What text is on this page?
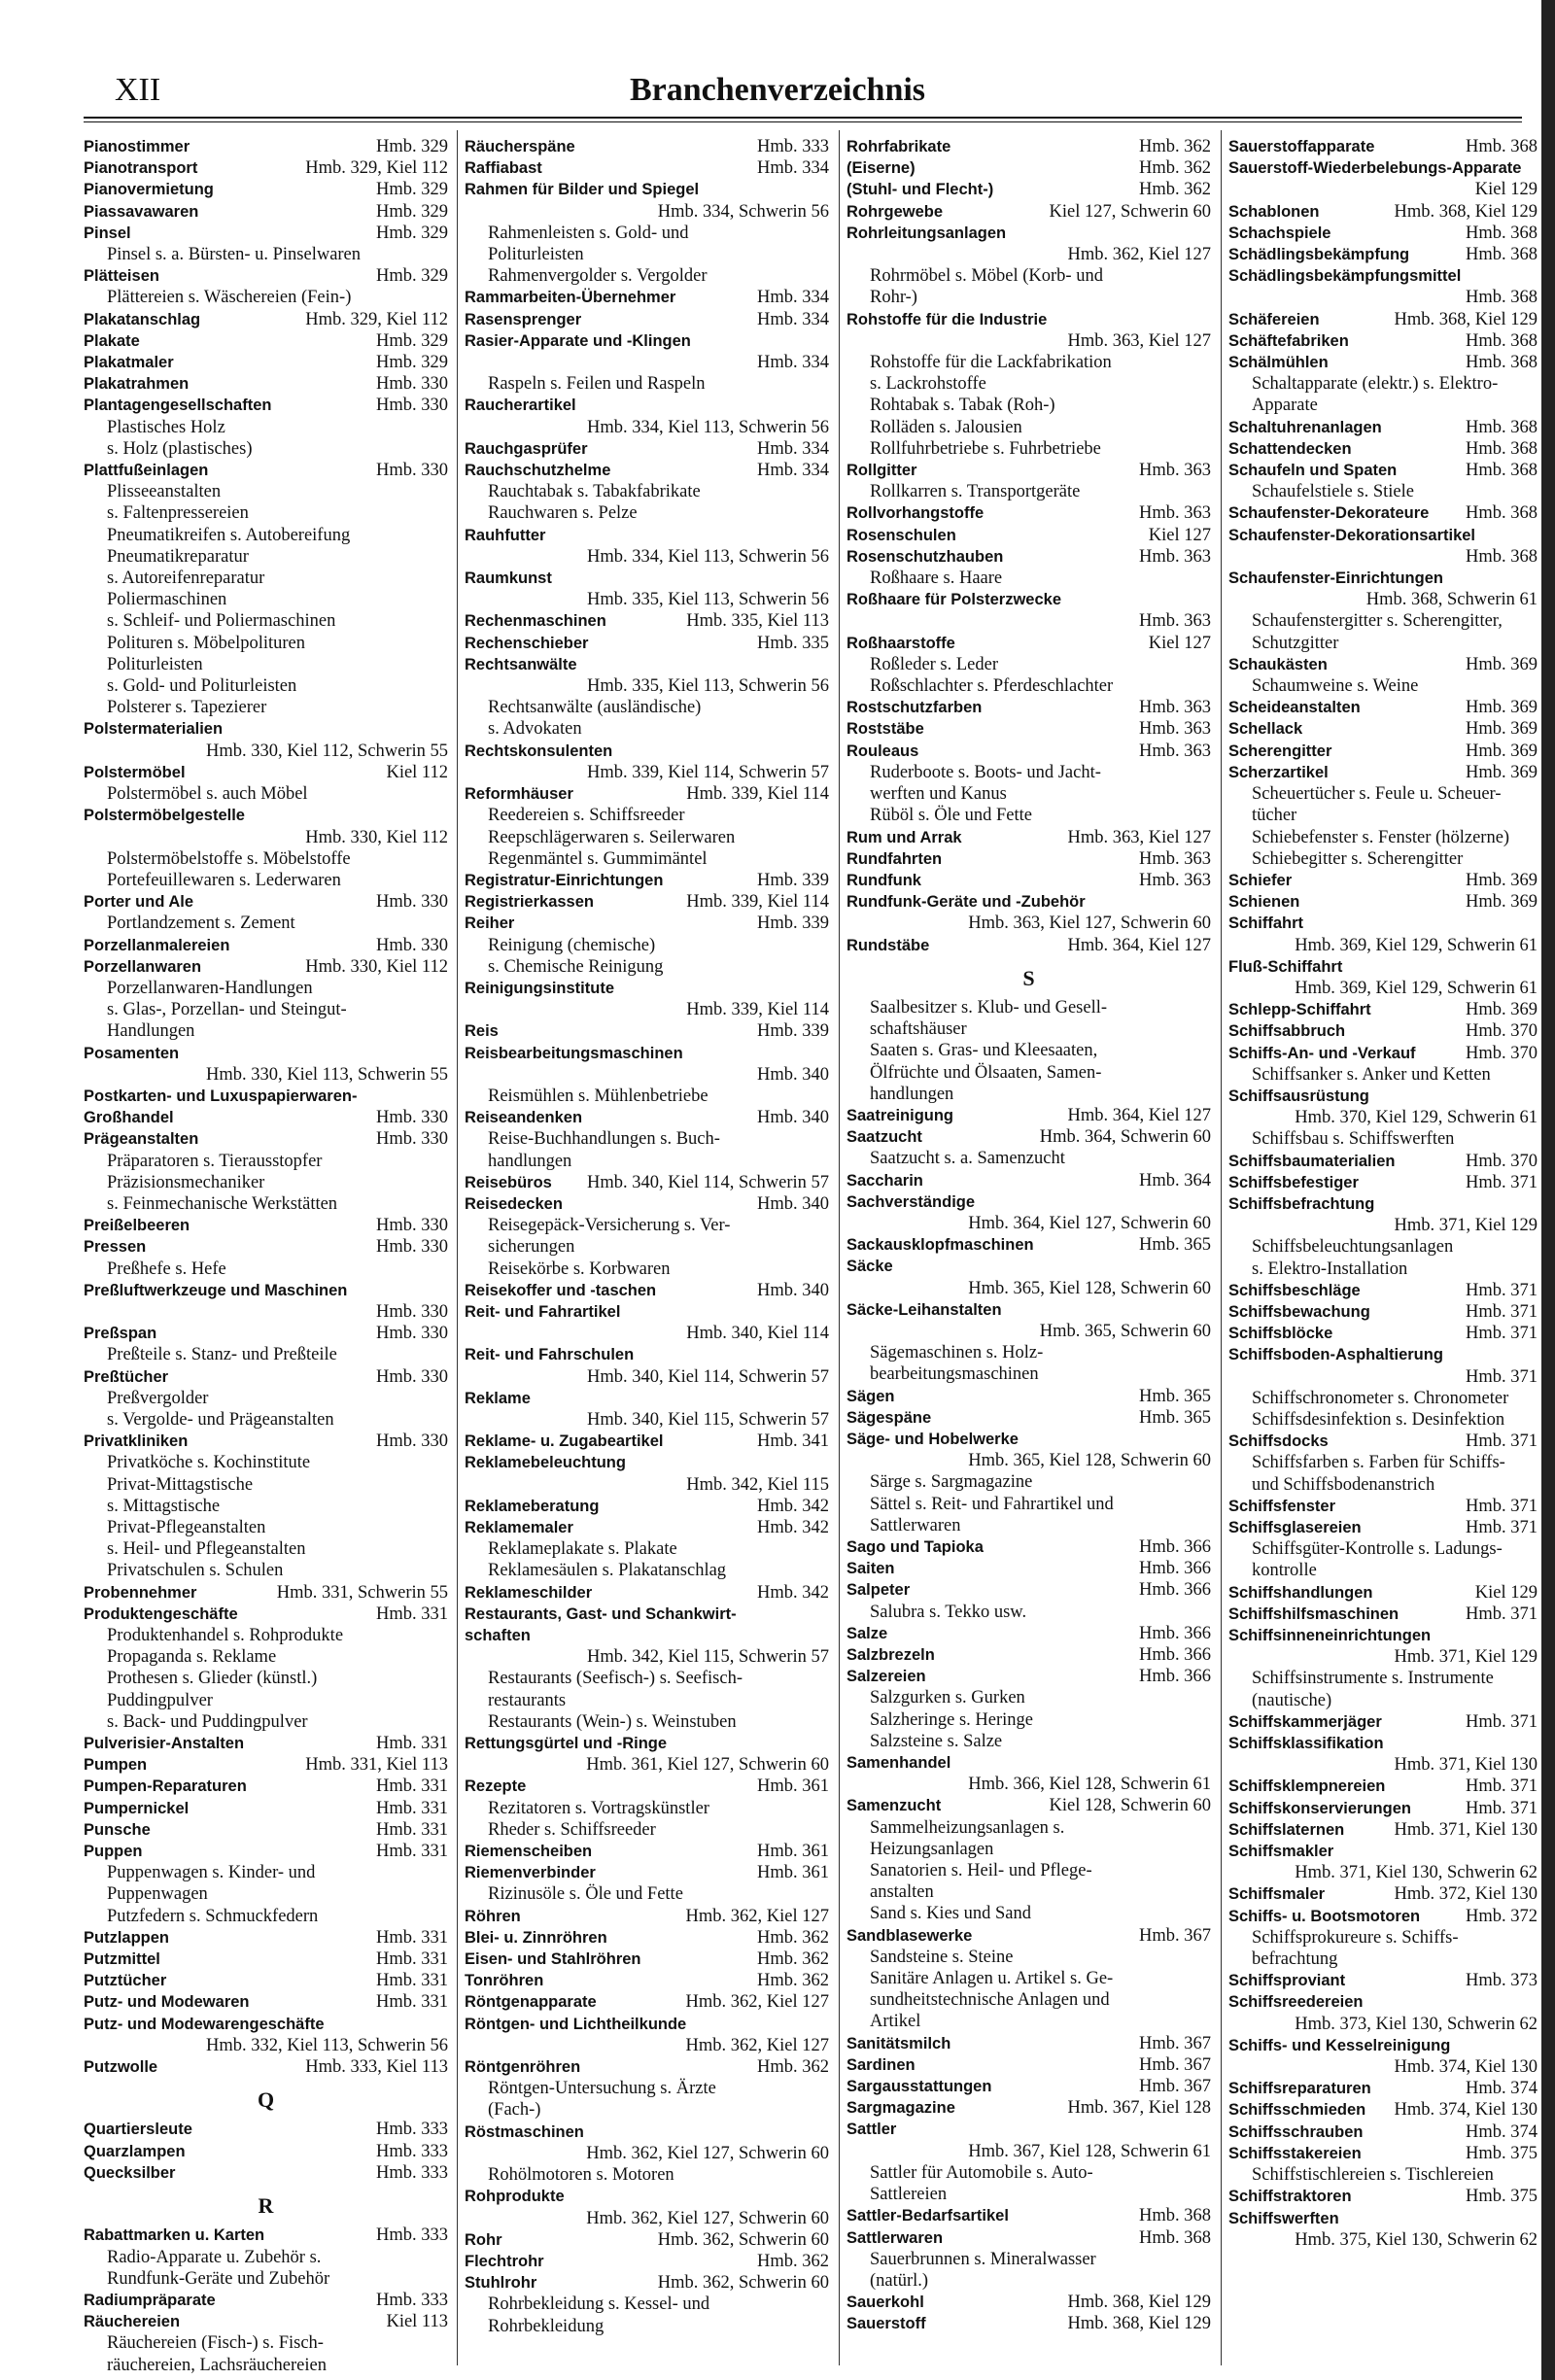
XII	Branchenverzeichnis
Pianostimmer	Hmb. 329
Pianotransport	Hmb. 329, Kiel 112
Pianovermietung	Hmb. 329
Piassavawaren	Hmb. 329
Pinsel	Hmb. 329
Pinsel s. a. Bürsten- u. Pinselwaren
Plätteisen	Hmb. 329
Plättereien s. Wäschereien (Fein-)
Plakatanschlag	Hmb. 329, Kiel 112
Plakate	Hmb. 329
Plakatmaler	Hmb. 329
Plakatrahmen	Hmb. 330
Plantagengesellschaften	Hmb. 330
Plastisches Holz
s. Holz (plastisches)
Plattfußeinlagen	Hmb. 330
Plisseeanstalten
s. Faltenpressereien
Pneumatikreifen s. Autobereifung
Pneumatikreparatur
s. Autoreifenreparatur
Poliermaschinen
s. Schleif- und Poliermaschinen
Polituren s. Möbelpolituren
Politurleisten
s. Gold- und Politurleisten
Polsterer s. Tapezierer
Polstermaterialien
Hmb. 330, Kiel 112, Schwerin 55
Polstermöbel	Kiel 112
Polstermöbel s. auch Möbel
Polstermöbelgestelle
Hmb. 330, Kiel 112
Polstermöbelstoffe s. Möbelstoffe
Portefeuillewaren s. Lederwaren
Porter und Ale	Hmb. 330
Portlandzement s. Zement
Porzellanmalereien	Hmb. 330
Porzellanwaren	Hmb. 330, Kiel 112
Porzellanwaren-Handlungen
s. Glas-, Porzellan- und Steingut-
Handlungen
Posamenten
Hmb. 330, Kiel 113, Schwerin 55
Postkarten- und Luxuspapierwaren-
Großhandel	Hmb. 330
Prägeanstalten	Hmb. 330
Präparatoren s. Tierausstopfer
Präzisionsmechaniker
s. Feinmechanische Werkstätten
Preißelbeeren	Hmb. 330
Pressen	Hmb. 330
Preßhefe s. Hefe
Preßluftwerkzeuge und Maschinen
Hmb. 330
Preßspan	Hmb. 330
Preßteile s. Stanz- und Preßteile
Preßtücher	Hmb. 330
Preßvergolder
s. Vergolde- und Prägeanstalten
Privatkliniken	Hmb. 330
Privatköche s. Kochinstitute
Privat-Mittagstische
s. Mittagstische
Privat-Pflegeanstalten
s. Heil- und Pflegeanstalten
Privatschulen s. Schulen
Probennehmer	Hmb. 331, Schwerin 55
Produktengeschäfte	Hmb. 331
Produktenhandel s. Rohprodukte
Propaganda s. Reklame
Prothesen s. Glieder (künstl.)
Puddingpulver
s. Back- und Puddingpulver
Pulverisier-Anstalten	Hmb. 331
Pumpen	Hmb. 331, Kiel 113
Pumpen-Reparaturen	Hmb. 331
Pumpernickel	Hmb. 331
Punsche	Hmb. 331
Puppen	Hmb. 331
Puppenwagen s. Kinder- und
Puppenwagen
Putzfedern s. Schmuckfedern
Putzlappen	Hmb. 331
Putzmittel	Hmb. 331
Putztücher	Hmb. 331
Putz- und Modewaren	Hmb. 331
Putz- und Modewarengeschäfte
Hmb. 332, Kiel 113, Schwerin 56
Putzwolle	Hmb. 333, Kiel 113
Q
Quartiersleute	Hmb. 333
Quarzlampen	Hmb. 333
Quecksilber	Hmb. 333
R
Rabattmarken u. Karten	Hmb. 333
Radio-Apparate u. Zubehör s.
Rundfunk-Geräte und Zubehör
Radiumpräparate	Hmb. 333
Räuchereien	Kiel 113
Räuchereien (Fisch-) s. Fisch-
räuchereien, Lachsräuchereien
Räucherspäne	Hmb. 333
Raffiabast	Hmb. 334
Rahmen für Bilder und Spiegel
Hmb. 334, Schwerin 56
Rahmenleisten s. Gold- und
Politurleisten
Rahmenvergolder s. Vergolder
Rammarbeiten-Übernehmer	Hmb. 334
Rasensprenger	Hmb. 334
Rasier-Apparate und -Klingen
Hmb. 334
Raspeln s. Feilen und Raspeln
Raucherartikel
Hmb. 334, Kiel 113, Schwerin 56
Rauchgasprüfer	Hmb. 334
Rauchschutzhelme	Hmb. 334
Rauchtabak s. Tabakfabrikate
Rauchwaren s. Pelze
Rauhfutter
Hmb. 334, Kiel 113, Schwerin 56
Raumkunst
Hmb. 335, Kiel 113, Schwerin 56
Rechenmaschinen	Hmb. 335, Kiel 113
Rechenschieber	Hmb. 335
Rechtsanwälte
Hmb. 335, Kiel 113, Schwerin 56
Rechtsanwälte (ausländische)
s. Advokaten
Rechtskonsulenten
Hmb. 339, Kiel 114, Schwerin 57
Reformhäuser	Hmb. 339, Kiel 114
Reedereien s. Schiffsreeder
Reepschlägerwaren s. Seilerwaren
Regenmäntel s. Gummimäntel
Registratur-Einrichtungen	Hmb. 339
Registrierkassen	Hmb. 339, Kiel 114
Reiher	Hmb. 339
Reinigung (chemische)
s. Chemische Reinigung
Reinigungsinstitute
Hmb. 339, Kiel 114
Reis	Hmb. 339
Reisbearbeitungsmaschinen
Hmb. 340
Reismühlen s. Mühlenbetriebe
Reiseandenken	Hmb. 340
Reise-Buchhandlungen s. Buch-
handlungen
Reisebüros Hmb. 340, Kiel 114, Schwerin 57
Reisedecken	Hmb. 340
Reisegepäck-Versicherung s. Ver-
sicherungen
Reisekörbe s. Korbwaren
Reisekoffer und -taschen	Hmb. 340
Reit- und Fahrartikel
Hmb. 340, Kiel 114
Reit- und Fahrschulen
Hmb. 340, Kiel 114, Schwerin 57
Reklame
Hmb. 340, Kiel 115, Schwerin 57
Reklame- u. Zugabeartikel	Hmb. 341
Reklamebeleuchtung
Hmb. 342, Kiel 115
Reklameberatung	Hmb. 342
Reklamemaler	Hmb. 342
Reklameplakate s. Plakate
Reklamesäulen s. Plakatanschlag
Reklameschilder	Hmb. 342
Restaurants, Gast- und Schankwirt-
schaften
Hmb. 342, Kiel 115, Schwerin 57
Restaurants (Seefisch-) s. Seefisch-
restaurants
Restaurants (Wein-) s. Weinstuben
Rettungsgürtel und -Ringe
Hmb. 361, Kiel 127, Schwerin 60
Rezepte	Hmb. 361
Rezitatoren s. Vortragskünstler
Rheder s. Schiffsreeder
Riemenscheiben	Hmb. 361
Riemenverbinder	Hmb. 361
Rizinusöle s. Öle und Fette
Röhren	Hmb. 362, Kiel 127
Blei- u. Zinnröhren	Hmb. 362
Eisen- und Stahlröhren	Hmb. 362
Tonröhren	Hmb. 362
Röntgenapparate	Hmb. 362, Kiel 127
Röntgen- und Lichtheilkunde
Hmb. 362, Kiel 127
Röntgenröhren	Hmb. 362
Röntgen-Untersuchung s. Ärzte
(Fach-)
Röstmaschinen
Hmb. 362, Kiel 127, Schwerin 60
Rohölmotoren s. Motoren
Rohprodukte
Hmb. 362, Kiel 127, Schwerin 60
Rohr	Hmb. 362, Schwerin 60
Flechtrohr	Hmb. 362
Stuhlrohr	Hmb. 362, Schwerin 60
Rohrbekleidung s. Kessel- und
Rohrbekleidung
Rohrfabrikate	Hmb. 362
(Eiserne)	Hmb. 362
(Stuhl- und Flecht-)	Hmb. 362
Rohrgewebe	Kiel 127, Schwerin 60
Rohrleitungsanlagen
Hmb. 362, Kiel 127
Rohrmöbel s. Möbel (Korb- und
Rohr-)
Rohstoffe für die Industrie
Hmb. 363, Kiel 127
Rohstoffe für die Lackfabrikation
s. Lackrohstoffe
Rohtabak s. Tabak (Roh-)
Rolläden s. Jalousien
Rollfuhrbetriebe s. Fuhrbetriebe
Rollgitter	Hmb. 363
Rollkarren s. Transportgeräte
Rollvorhangstoffe	Hmb. 363
Rosenschulen	Kiel 127
Rosenschutzhauben	Hmb. 363
Roßhaare s. Haare
Roßhaare für Polsterzwecke
Hmb. 363
Roßhaarstoffe	Kiel 127
Roßleder s. Leder
Roßschlachter s. Pferdeschlachter
Rostschutzfarben	Hmb. 363
Roststäbe	Hmb. 363
Rouleaus	Hmb. 363
Ruderboote s. Boots- und Jacht-
werften und Kanus
Rüböl s. Öle und Fette
Rum und Arrak	Hmb. 363, Kiel 127
Rundfahrten	Hmb. 363
Rundfunk	Hmb. 363
Rundfunk-Geräte und -Zubehör
Hmb. 363, Kiel 127, Schwerin 60
Rundstäbe	Hmb. 364, Kiel 127
S
Saalbesitzer s. Klub- und Gesell-
schaftshäuser
Saaten s. Gras- und Kleesaaten,
Ölfrüchte und Ölsaaten, Samen-
handlungen
Saatreinigung	Hmb. 364, Kiel 127
Saatzucht	Hmb. 364, Schwerin 60
Saatzucht s. a. Samenzucht
Saccharin	Hmb. 364
Sachverständige
Hmb. 364, Kiel 127, Schwerin 60
Sackausklopfmaschinen	Hmb. 365
Säcke
Hmb. 365, Kiel 128, Schwerin 60
Säcke-Leihanstalten
Hmb. 365, Schwerin 60
Sägemaschinen s. Holz-
bearbeitungsmaschinen
Sägen	Hmb. 365
Sägespäne	Hmb. 365
Säge- und Hobelwerke
Hmb. 365, Kiel 128, Schwerin 60
Särge s. Sargmagazine
Sättel s. Reit- und Fahrartikel und
Sattlerwaren
Sago und Tapioka	Hmb. 366
Saiten	Hmb. 366
Salpeter	Hmb. 366
Salubra s. Tekko usw.
Salze	Hmb. 366
Salzbrezeln	Hmb. 366
Salzereien	Hmb. 366
Salzgurken s. Gurken
Salzheringe s. Heringe
Salzsteine s. Salze
Samenhandel
Hmb. 366, Kiel 128, Schwerin 61
Samenzucht	Kiel 128, Schwerin 60
Sammelheizungsanlagen s.
Heizungsanlagen
Sanatorien s. Heil- und Pflege-
anstalten
Sand s. Kies und Sand
Sandblasewerke	Hmb. 367
Sandsteine s. Steine
Sanitäre Anlagen u. Artikel s. Ge-
sundheitstechnische Anlagen und
Artikel
Sanitätsmilch	Hmb. 367
Sardinen	Hmb. 367
Sargausstattungen	Hmb. 367
Sargmagazine	Hmb. 367, Kiel 128
Sattler
Hmb. 367, Kiel 128, Schwerin 61
Sattler für Automobile s. Auto-
Sattlereien
Sattler-Bedarfsartikel	Hmb. 368
Sattlerwaren	Hmb. 368
Sauerbrunnen s. Mineralwasser
(natürl.)
Sauerkohl	Hmb. 368, Kiel 129
Sauerstoff	Hmb. 368, Kiel 129
Sauerstoffapparate	Hmb. 368
Sauerstoff-Wiederbelebungs-Apparate
Kiel 129
Schablonen	Hmb. 368, Kiel 129
Schachspiele	Hmb. 368
Schädlingsbekämpfung	Hmb. 368
Schädlingsbekämpfungsmittel
Hmb. 368
Schäfereien	Hmb. 368, Kiel 129
Schäftefabriken	Hmb. 368
Schälmühlen	Hmb. 368
Schaltapparate (elektr.) s. Elektro-
Apparate
Schaltuhrenanlagen	Hmb. 368
Schattendecken	Hmb. 368
Schaufeln und Spaten	Hmb. 368
Schaufelstiele s. Stiele
Schaufenster-Dekorateure Hmb. 368
Schaufenster-Dekorationsartikel
Hmb. 368
Schaufenster-Einrichtungen
Hmb. 368, Schwerin 61
Schaufenstergitter s. Scherengitter,
Schutzgitter
Schaukästen	Hmb. 369
Schaumweine s. Weine
Scheideanstalten	Hmb. 369
Schellack	Hmb. 369
Scherengitter	Hmb. 369
Scherzartikel	Hmb. 369
Scheuertücher s. Feule u. Scheuer-
tücher
Schiebefenster s. Fenster (hölzerne)
Schiebegitter s. Scherengitter
Schiefer	Hmb. 369
Schienen	Hmb. 369
Schiffahrt
Hmb. 369, Kiel 129, Schwerin 61
Fluß-Schiffahrt
Hmb. 369, Kiel 129, Schwerin 61
Schlepp-Schiffahrt	Hmb. 369
Schiffsabbruch	Hmb. 370
Schiffs-An- und -Verkauf	Hmb. 370
Schiffsanker s. Anker und Ketten
Schiffsausrüstung
Hmb. 370, Kiel 129, Schwerin 61
Schiffsbau s. Schiffswerften
Schiffsbaumaterialien	Hmb. 370
Schiffsbefestiger	Hmb. 371
Schiffsbefrachtung
Hmb. 371, Kiel 129
Schiffsbeleuchtungsanlagen
s. Elektro-Installation
Schiffsbeschläge	Hmb. 371
Schiffsbewachung	Hmb. 371
Schiffsblöcke	Hmb. 371
Schiffsboden-Asphaltierung
Hmb. 371
Schiffschronometer s. Chronometer
Schiffsdesinfektion s. Desinfektion
Schiffsdocks	Hmb. 371
Schiffsfarben s. Farben für Schiffs-
und Schiffsbodenanstrich
Schiffsfenster	Hmb. 371
Schiffsglasereien	Hmb. 371
Schiffsgüter-Kontrolle s. Ladungs-
kontrolle
Schiffshandlungen	Kiel 129
Schiffshilfsmaschinen	Hmb. 371
Schiffsinneneinrichtungen
Hmb. 371, Kiel 129
Schiffsinstrumente s. Instrumente
(nautische)
Schiffskammerjäger	Hmb. 371
Schiffsklassifikation
Hmb. 371, Kiel 130
Schiffsklempnereien	Hmb. 371
Schiffskonservierungen	Hmb. 371
Schiffslaternen	Hmb. 371, Kiel 130
Schiffsmakler
Hmb. 371, Kiel 130, Schwerin 62
Schiffsmaler	Hmb. 372, Kiel 130
Schiffs- u. Bootsmotoren	Hmb. 372
Schiffsprokureure s. Schiffs-
befrachtung
Schiffsproviant	Hmb. 373
Schiffsreedereien
Hmb. 373, Kiel 130, Schwerin 62
Schiffs- und Kesselreinigung
Hmb. 374, Kiel 130
Schiffsreparaturen	Hmb. 374
Schiffsschmieden Hmb. 374, Kiel 130
Schiffsschrauben	Hmb. 374
Schiffsstakereien	Hmb. 375
Schiffstischlereien s. Tischlereien
Schiffstraktoren	Hmb. 375
Schiffswerften
Hmb. 375, Kiel 130, Schwerin 62
